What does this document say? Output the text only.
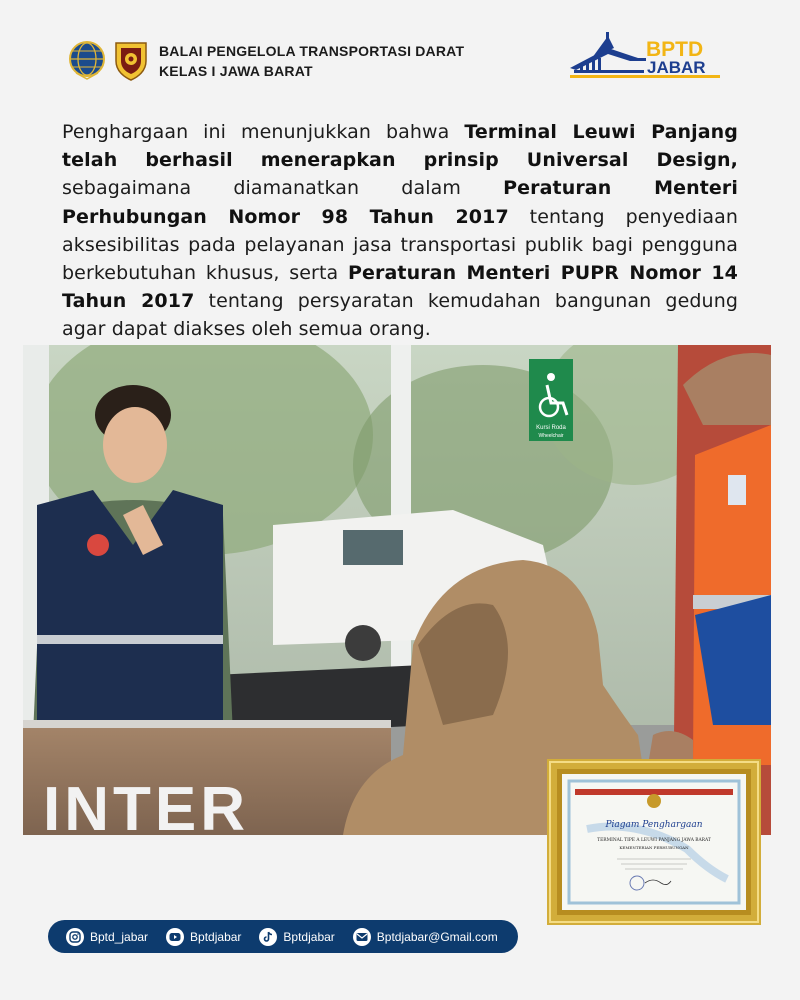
BALAI PENGELOLA TRANSPORTASI DARAT
KELAS I JAWA BARAT
BPTD
JABAR
Penghargaan ini menunjukkan bahwa Terminal Leuwi Panjang telah berhasil menerapkan prinsip Universal Design, sebagaimana diamanatkan dalam Peraturan Menteri Perhubungan Nomor 98 Tahun 2017 tentang penyediaan aksesibilitas pada pelayanan jasa transportasi publik bagi pengguna berkebutuhan khusus, serta Peraturan Menteri PUPR Nomor 14 Tahun 2017 tentang persyaratan kemudahan bangunan gedung agar dapat diakses oleh semua orang.
Kursi Roda
Wheelchair
INTER	Piagam Penghargaan
TERMINAL TIPE A LEUWI PANJANG JAWA BARAT
KEMENTERIAN PERHUBUNGAN
Bptd_jabar	Bptdjabar	Bptdjabar	Bptdjabar@Gmail.com
